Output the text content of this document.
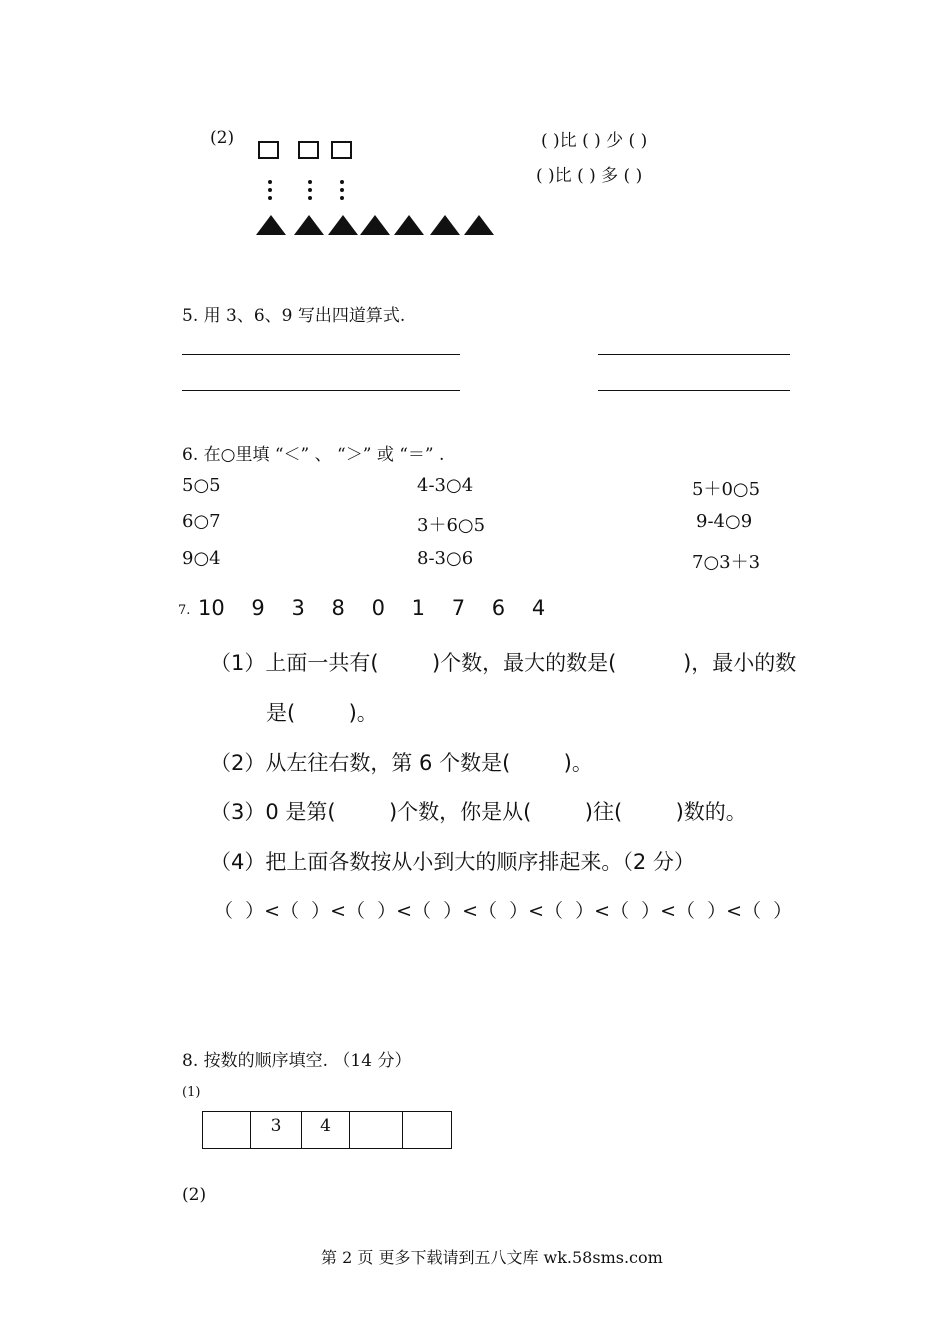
(2)	( )比 ( ) 少 ( )
( )比 ( ) 多 ( )
5. 用 3、6、9 写出四道算式.
6. 在○里填 “＜” 、 “＞” 或 “＝” .
5○5	4-3○4	5＋0○5
6○7	3＋6○5	9-4○9
9○4	8-3○6	7○3＋3
7. 10    9    3    8    0    1    7    6    4
（1）上面一共有(        )个数，最大的数是(          )，最小的数
是(        )。
（2）从左往右数，第 6 个数是(        )。
（3）0 是第(        )个数，你是从(        )往(        )数的。
（4）把上面各数按从小到大的顺序排起来。（2 分）
（  ）<（  ）<（  ）<（  ）<（  ）<（  ）<（  ）<（  ）<（  ）
8. 按数的顺序填空. （14 分）
(1)
	3	4		
(2)
第 2 页 更多下载请到五八文库 wk.58sms.com
